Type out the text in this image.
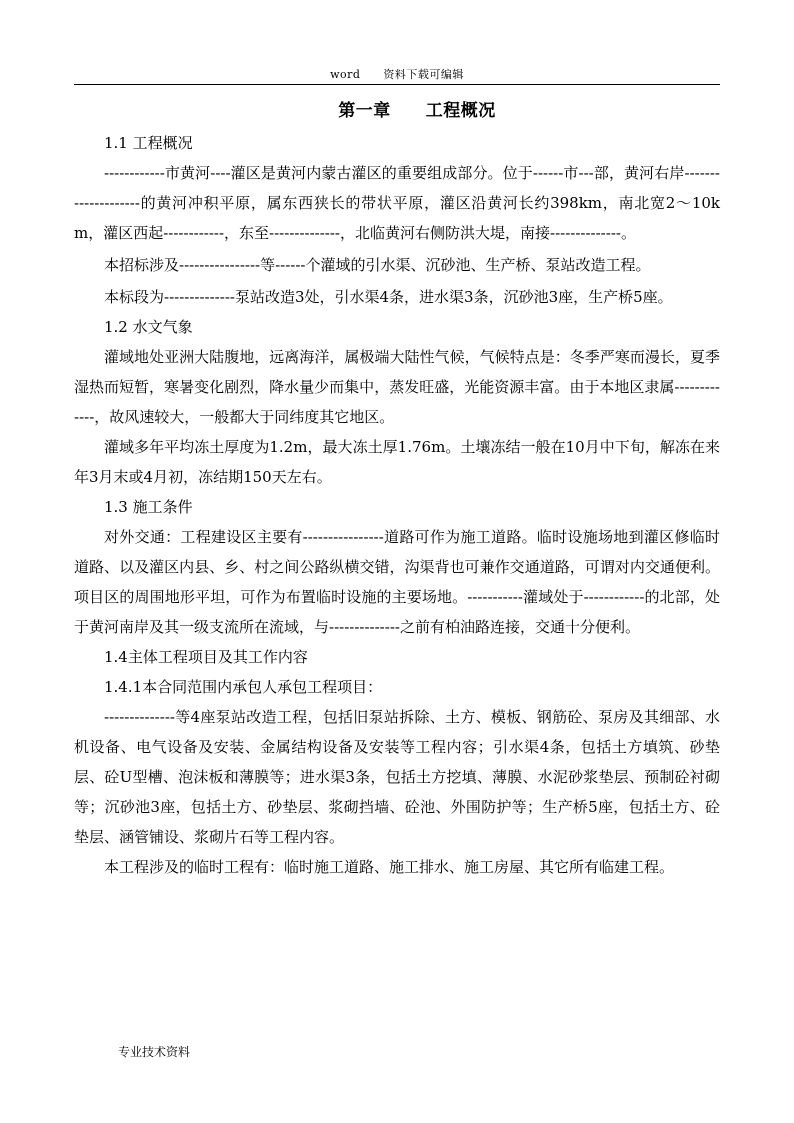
word　　资料下载可编辑
第一章　　工程概况

1.1 工程概况

------------市黄河----灌区是黄河内蒙古灌区的重要组成部分。位于------市---部，黄河右岸--------------------的黄河冲积平原，属东西狭长的带状平原，灌区沿黄河长约398km，南北宽2～10km，灌区西起------------，东至--------------，北临黄河右侧防洪大堤，南接--------------。

本招标涉及----------------等------个灌域的引水渠、沉砂池、生产桥、泵站改造工程。

本标段为--------------泵站改造3处，引水渠4条，进水渠3条，沉砂池3座，生产桥5座。

1.2 水文气象

灌域地处亚洲大陆腹地，远离海洋，属极端大陆性气候，气候特点是：冬季严寒而漫长，夏季湿热而短暂，寒暑变化剧烈，降水量少而集中，蒸发旺盛，光能资源丰富。由于本地区隶属-------------，故风速较大，一般都大于同纬度其它地区。

灌域多年平均冻土厚度为1.2m，最大冻土厚1.76m。土壤冻结一般在10月中下旬，解冻在来年3月末或4月初，冻结期150天左右。

1.3 施工条件

对外交通：工程建设区主要有----------------道路可作为施工道路。临时设施场地到灌区修临时道路、以及灌区内县、乡、村之间公路纵横交错，沟渠背也可兼作交通道路，可谓对内交通便利。项目区的周围地形平坦，可作为布置临时设施的主要场地。-----------灌域处于------------的北部，处于黄河南岸及其一级支流所在流域，与--------------之前有柏油路连接，交通十分便利。

1.4主体工程项目及其工作内容

1.4.1本合同范围内承包人承包工程项目：

--------------等4座泵站改造工程，包括旧泵站拆除、土方、模板、钢筋砼、泵房及其细部、水机设备、电气设备及安装、金属结构设备及安装等工程内容；引水渠4条，包括土方填筑、砂垫层、砼U型槽、泡沫板和薄膜等；进水渠3条，包括土方挖填、薄膜、水泥砂浆垫层、预制砼衬砌等；沉砂池3座，包括土方、砂垫层、浆砌挡墙、砼池、外围防护等；生产桥5座，包括土方、砼垫层、涵管铺设、浆砌片石等工程内容。

本工程涉及的临时工程有：临时施工道路、施工排水、施工房屋、其它所有临建工程。

专业技术资料
